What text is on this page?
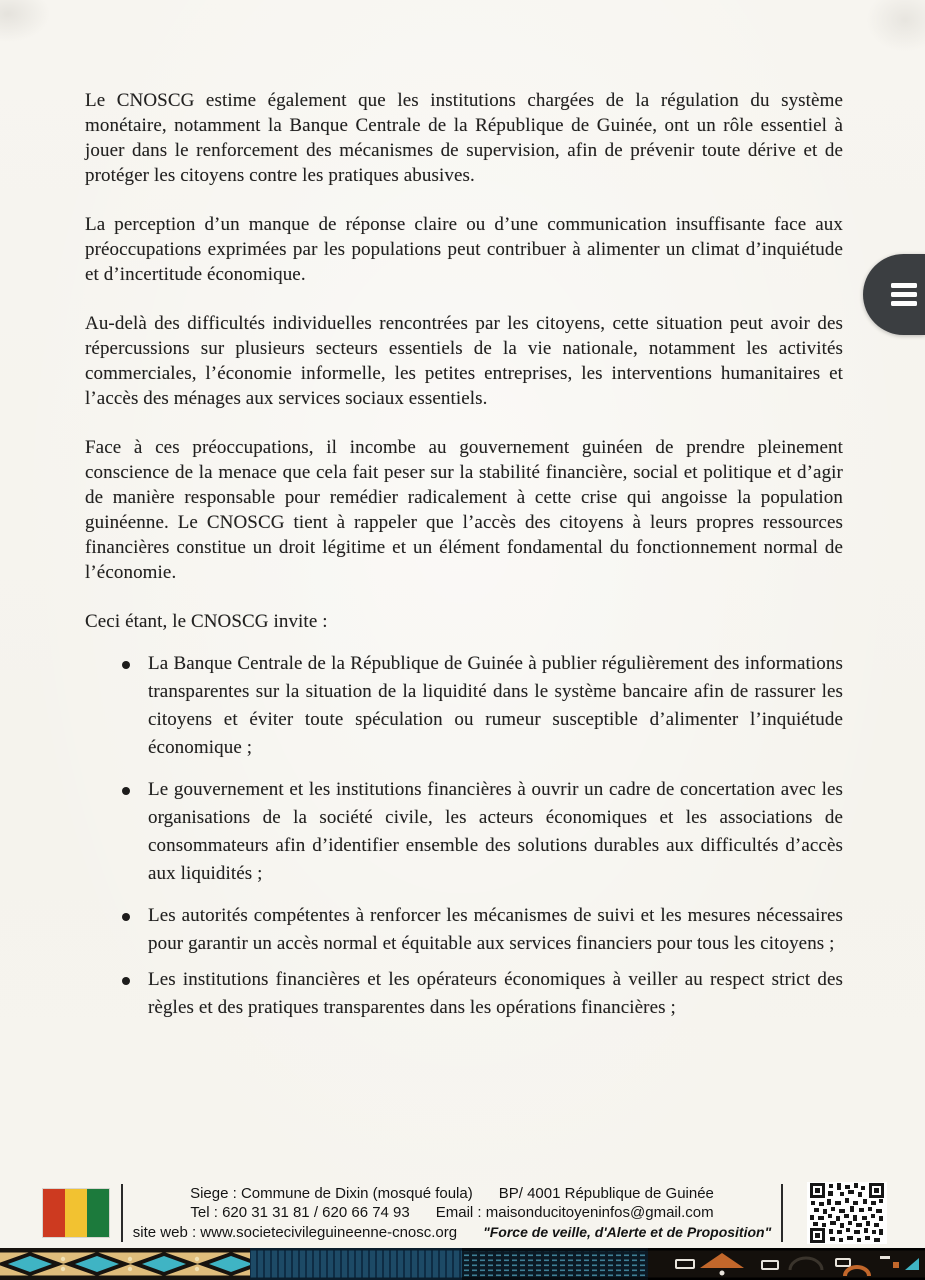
Le CNOSCG estime également que les institutions chargées de la régulation du système monétaire, notamment la Banque Centrale de la République de Guinée, ont un rôle essentiel à jouer dans le renforcement des mécanismes de supervision, afin de prévenir toute dérive et de protéger les citoyens contre les pratiques abusives.

La perception d’un manque de réponse claire ou d’une communication insuffisante face aux préoccupations exprimées par les populations peut contribuer à alimenter un climat d’inquiétude et d’incertitude économique.

Au-delà des difficultés individuelles rencontrées par les citoyens, cette situation peut avoir des répercussions sur plusieurs secteurs essentiels de la vie nationale, notamment les activités commerciales, l’économie informelle, les petites entreprises, les interventions humanitaires et l’accès des ménages aux services sociaux essentiels.

Face à ces préoccupations, il incombe au gouvernement guinéen de prendre pleinement conscience de la menace que cela fait peser sur la stabilité financière, social et politique et d’agir de manière responsable pour remédier radicalement à cette crise qui angoisse la population guinéenne. Le CNOSCG tient à rappeler que l’accès des citoyens à leurs propres ressources financières constitue un droit légitime et un élément fondamental du fonctionnement normal de l’économie.

Ceci étant, le CNOSCG invite :

La Banque Centrale de la République de Guinée à publier régulièrement des informations transparentes sur la situation de la liquidité dans le système bancaire afin de rassurer les citoyens et éviter toute spéculation ou rumeur susceptible d’alimenter l’inquiétude économique ;
Le gouvernement et les institutions financières à ouvrir un cadre de concertation avec les organisations de la société civile, les acteurs économiques et les associations de consommateurs afin d’identifier ensemble des solutions durables aux difficultés d’accès aux liquidités ;
Les autorités compétentes à renforcer les mécanismes de suivi et les mesures nécessaires pour garantir un accès normal et équitable aux services financiers pour tous les citoyens ;
Les institutions financières et les opérateurs économiques à veiller au respect strict des règles et des pratiques transparentes dans les opérations financières ;
Siege : Commune de Dixin (mosqué foula) BP/ 4001 République de Guinée
Tel : 620 31 31 81 / 620 66 74 93 Email : maisonducitoyeninfos@gmail.com
site web : www.societecivileguineenne-cnosc.org "Force de veille, d'Alerte et de Proposition"
